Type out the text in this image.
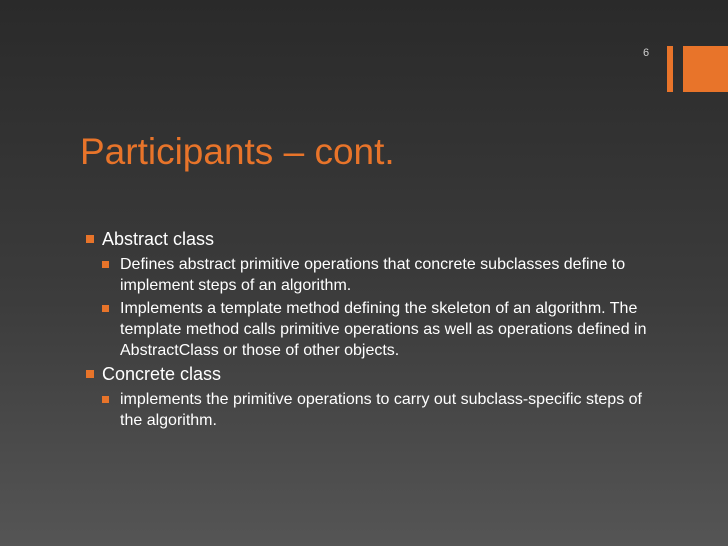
6
Participants – cont.
Abstract class
Defines abstract primitive operations that concrete subclasses define to implement steps of an algorithm.
Implements a template method defining the skeleton of an algorithm. The template method calls primitive operations as well as operations defined in AbstractClass or those of other objects.
Concrete class
implements the primitive operations to carry out subclass-specific steps of the algorithm.
